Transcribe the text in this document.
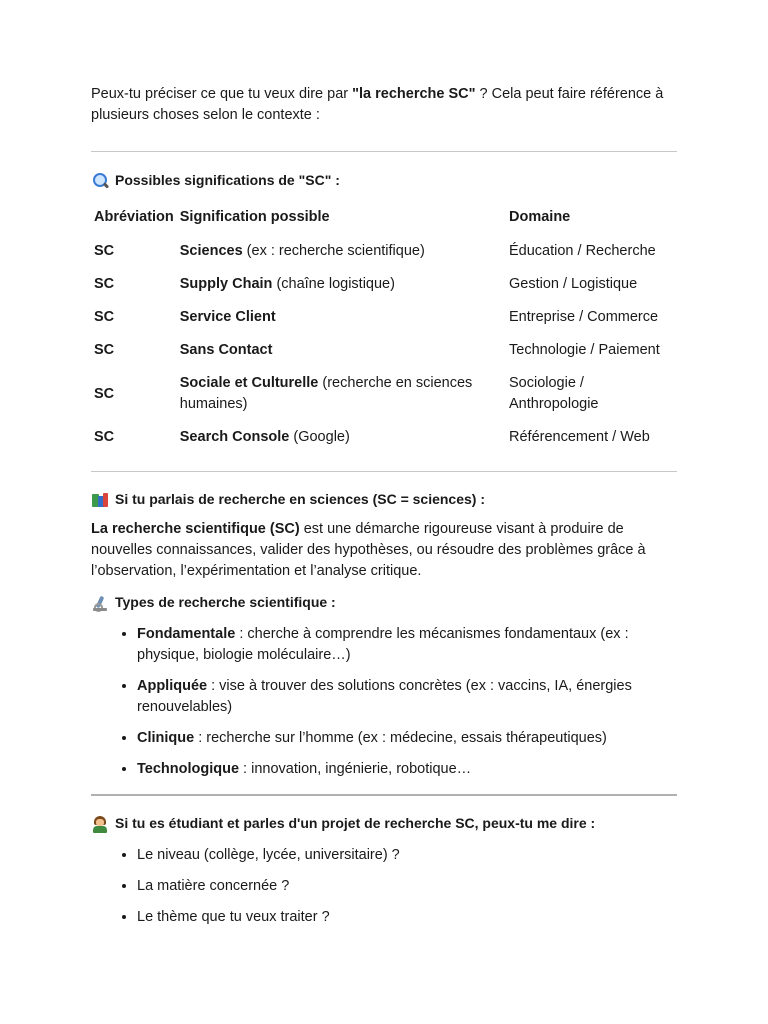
Peux-tu préciser ce que tu veux dire par "la recherche SC" ? Cela peut faire référence à plusieurs choses selon le contexte :

Possibles significations de "SC" :
Abréviation	Signification possible	Domaine
SC	Sciences (ex : recherche scientifique)	Éducation / Recherche
SC	Supply Chain (chaîne logistique)	Gestion / Logistique
SC	Service Client	Entreprise / Commerce
SC	Sans Contact	Technologie / Paiement
SC	Sociale et Culturelle (recherche en sciences humaines)	Sociologie / Anthropologie
SC	Search Console (Google)	Référencement / Web
Si tu parlais de recherche en sciences (SC = sciences) :

La recherche scientifique (SC) est une démarche rigoureuse visant à produire de nouvelles connaissances, valider des hypothèses, ou résoudre des problèmes grâce à l’observation, l’expérimentation et l’analyse critique.

Types de recherche scientifique :
• Fondamentale : cherche à comprendre les mécanismes fondamentaux (ex : physique, biologie moléculaire…)
• Appliquée : vise à trouver des solutions concrètes (ex : vaccins, IA, énergies renouvelables)
• Clinique : recherche sur l’homme (ex : médecine, essais thérapeutiques)
• Technologique : innovation, ingénierie, robotique…
Si tu es étudiant et parles d'un projet de recherche SC, peux-tu me dire :
• Le niveau (collège, lycée, universitaire) ?
• La matière concernée ?
• Le thème que tu veux traiter ?
